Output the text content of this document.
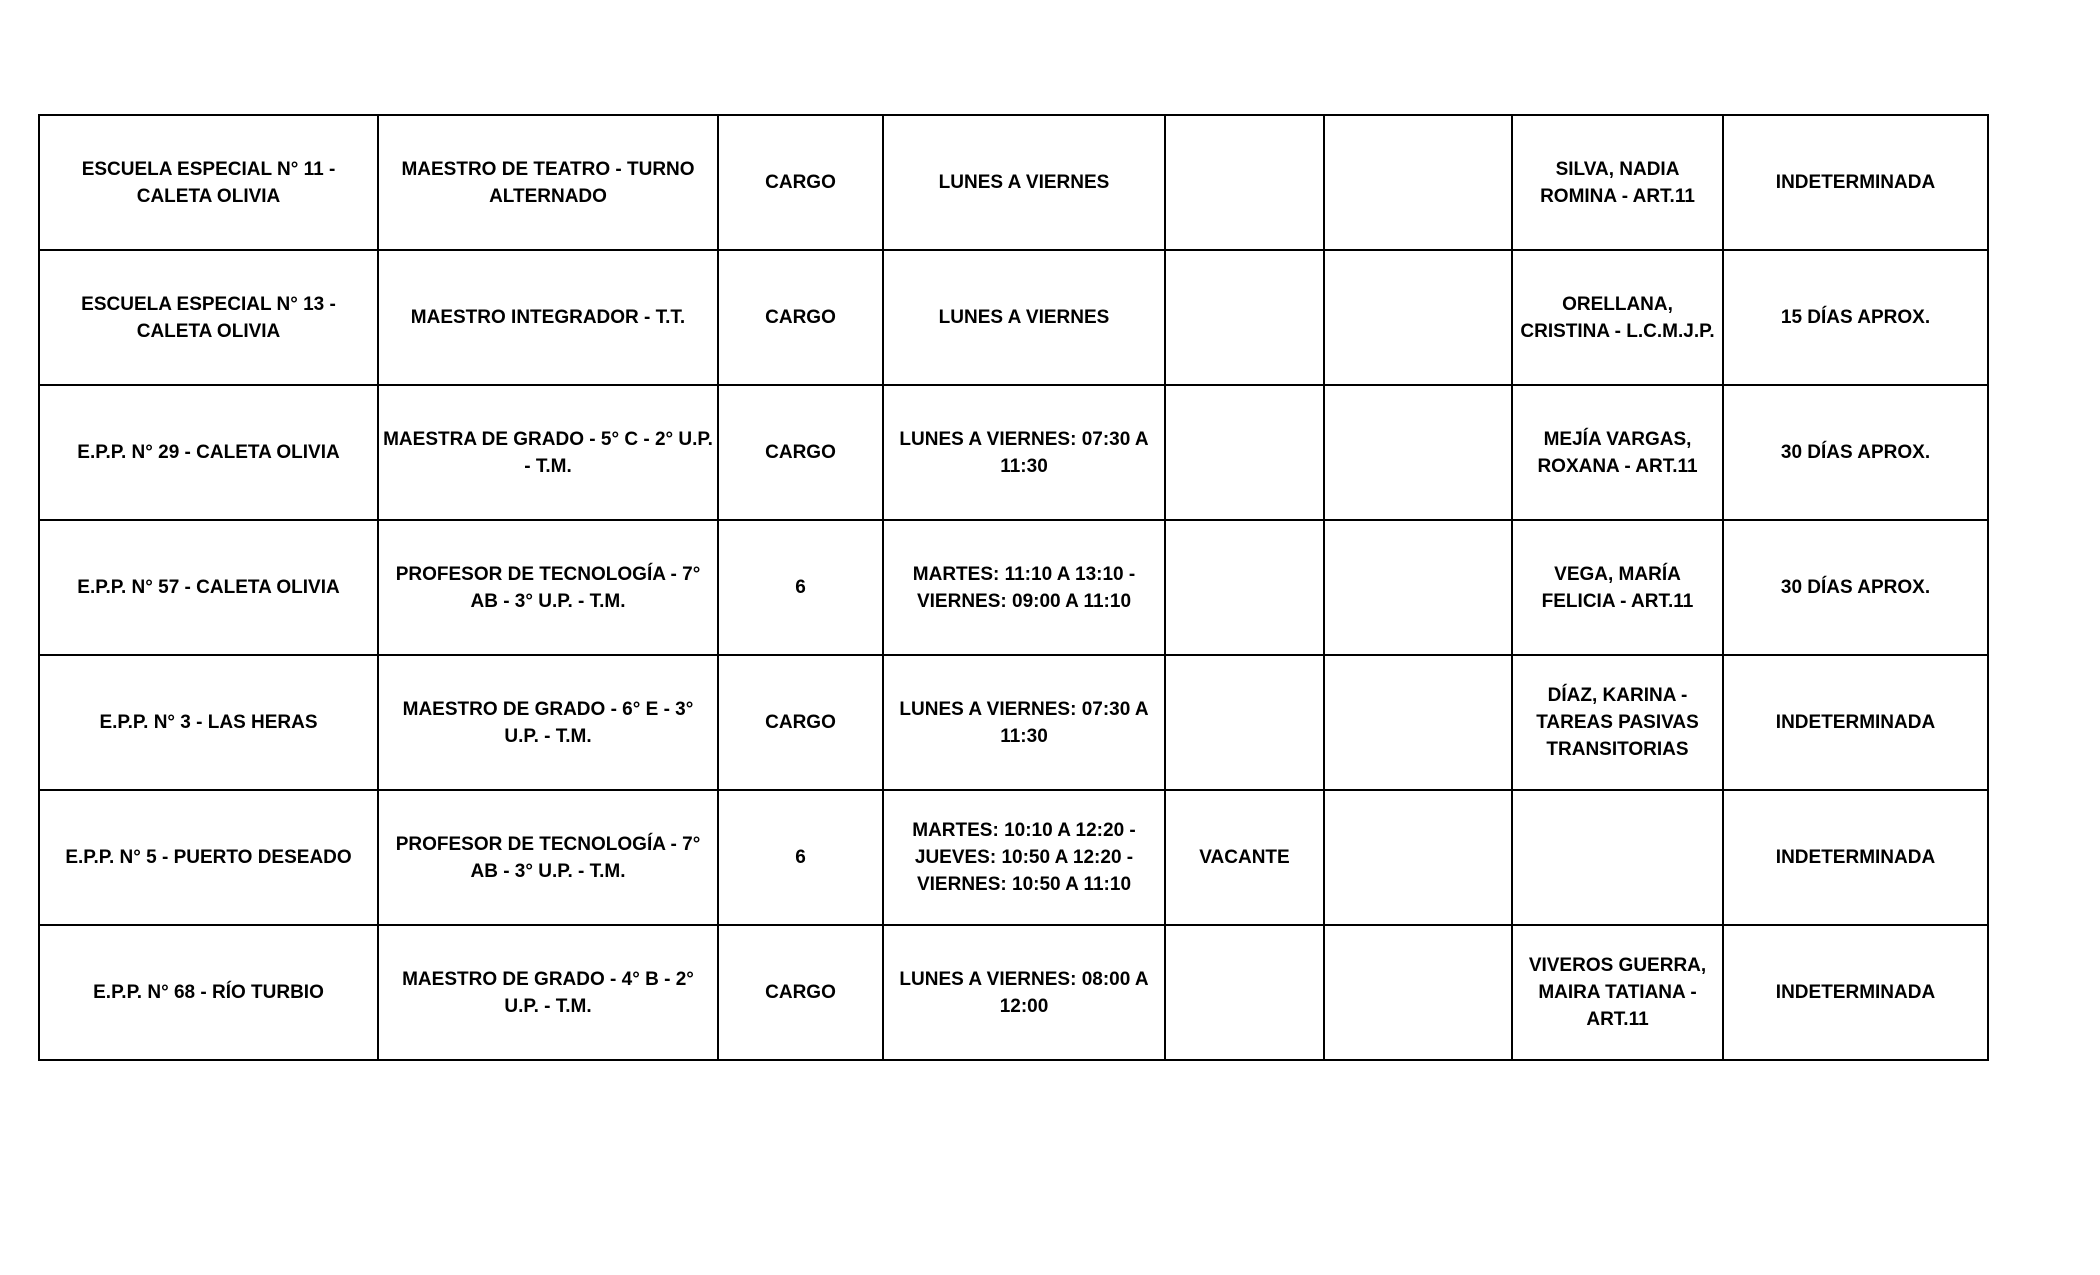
ESCUELA ESPECIAL N° 11 - CALETA OLIVIA	MAESTRO DE TEATRO - TURNO ALTERNADO	CARGO	LUNES A VIERNES			SILVA, NADIA ROMINA - ART.11	INDETERMINADA
ESCUELA ESPECIAL N° 13 - CALETA OLIVIA	MAESTRO INTEGRADOR - T.T.	CARGO	LUNES A VIERNES			ORELLANA, CRISTINA - L.C.M.J.P.	15 DÍAS APROX.
E.P.P. N° 29 - CALETA OLIVIA	MAESTRA DE GRADO - 5° C - 2° U.P. - T.M.	CARGO	LUNES A VIERNES: 07:30 A 11:30			MEJÍA VARGAS, ROXANA - ART.11	30 DÍAS APROX.
E.P.P. N° 57 - CALETA OLIVIA	PROFESOR DE TECNOLOGÍA - 7° AB - 3° U.P. - T.M.	6	MARTES: 11:10 A 13:10 - VIERNES: 09:00 A 11:10			VEGA, MARÍA FELICIA - ART.11	30 DÍAS APROX.
E.P.P. N° 3 - LAS HERAS	MAESTRO DE GRADO - 6° E - 3° U.P. - T.M.	CARGO	LUNES A VIERNES: 07:30 A 11:30			DÍAZ, KARINA - TAREAS PASIVAS TRANSITORIAS	INDETERMINADA
E.P.P. N° 5 - PUERTO DESEADO	PROFESOR DE TECNOLOGÍA - 7° AB - 3° U.P. - T.M.	6	MARTES: 10:10 A 12:20 - JUEVES: 10:50 A 12:20 - VIERNES: 10:50 A 11:10	VACANTE			INDETERMINADA
E.P.P. N° 68 - RÍO TURBIO	MAESTRO DE GRADO - 4° B - 2° U.P. - T.M.	CARGO	LUNES A VIERNES: 08:00 A 12:00			VIVEROS GUERRA, MAIRA TATIANA - ART.11	INDETERMINADA
